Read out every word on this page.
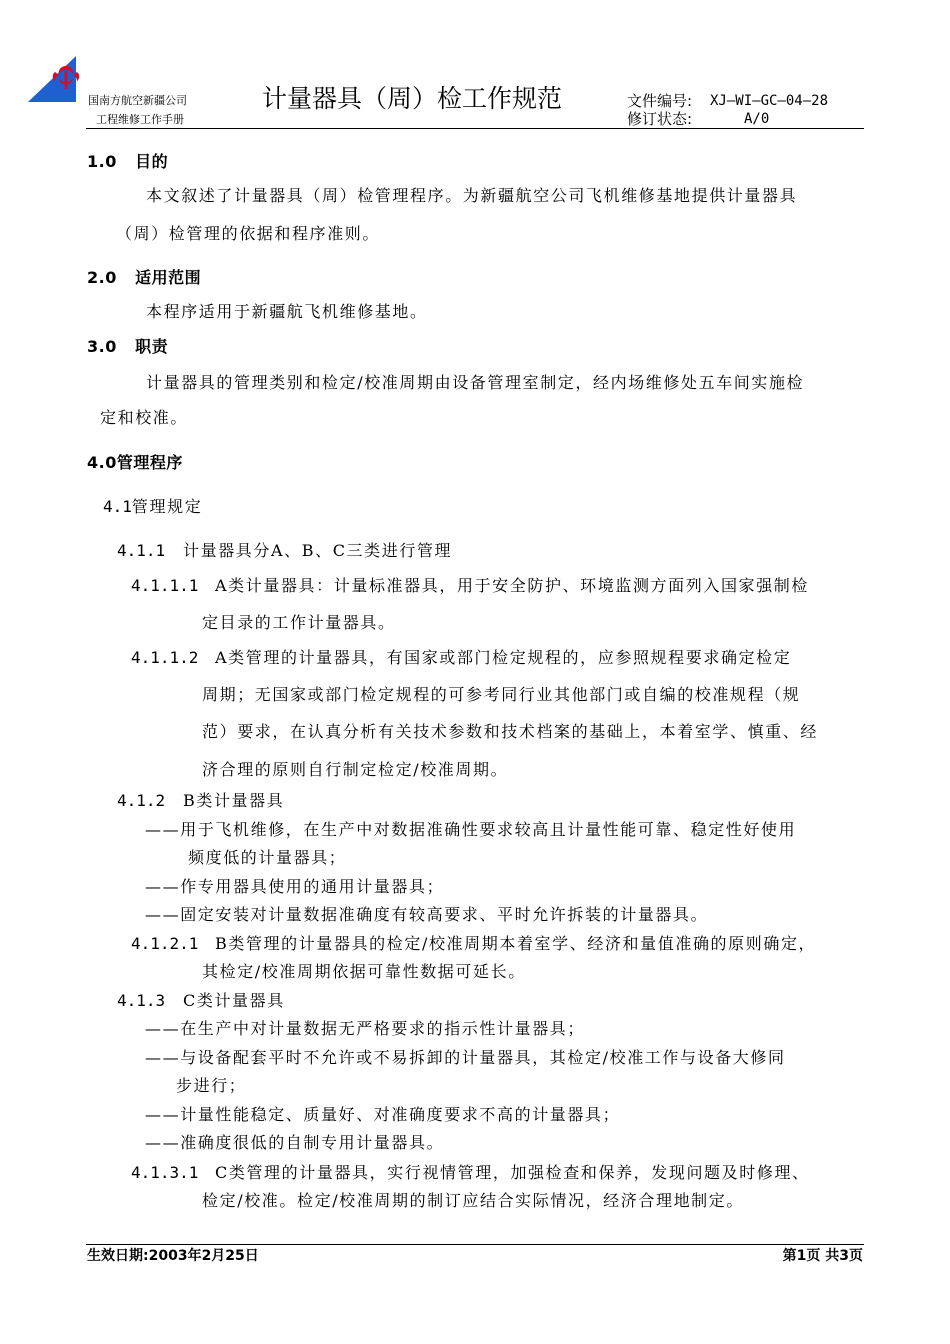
国南方航空新疆公司
工程维修工作手册
计量器具（周）检工作规范	文件编号: XJ—WI—GC—04—28
修订状态:	A/0
1.0 目的
本文叙述了计量器具（周）检管理程序。为新疆航空公司飞机维修基地提供计量器具
（周）检管理的依据和程序准则。
2.0 适用范围
本程序适用于新疆航飞机维修基地。
3.0 职责
计量器具的管理类别和检定/校准周期由设备管理室制定，经内场维修处五车间实施检
定和校准。
4.0管理程序
4.1管理规定
4.1.1 计量器具分A、B、C三类进行管理
4.1.1.1 A类计量器具：计量标准器具，用于安全防护、环境监测方面列入国家强制检
定目录的工作计量器具。
4.1.1.2 A类管理的计量器具，有国家或部门检定规程的，应参照规程要求确定检定
周期；无国家或部门检定规程的可参考同行业其他部门或自编的校准规程（规
范）要求，在认真分析有关技术参数和技术档案的基础上，本着室学、慎重、经
济合理的原则自行制定检定/校准周期。
4.1.2 B类计量器具
——用于飞机维修，在生产中对数据准确性要求较高且计量性能可靠、稳定性好使用
频度低的计量器具；
——作专用器具使用的通用计量器具；
——固定安装对计量数据准确度有较高要求、平时允许拆装的计量器具。
4.1.2.1 B类管理的计量器具的检定/校准周期本着室学、经济和量值准确的原则确定，
其检定/校准周期依据可靠性数据可延长。
4.1.3 C类计量器具
——在生产中对计量数据无严格要求的指示性计量器具；
——与设备配套平时不允许或不易拆卸的计量器具，其检定/校准工作与设备大修同
步进行；
——计量性能稳定、质量好、对准确度要求不高的计量器具；
——准确度很低的自制专用计量器具。
4.1.3.1 C类管理的计量器具，实行视情管理，加强检查和保养，发现问题及时修理、
检定/校准。检定/校准周期的制订应结合实际情况，经济合理地制定。
生效日期:2003年2月25日	第1页 共3页
